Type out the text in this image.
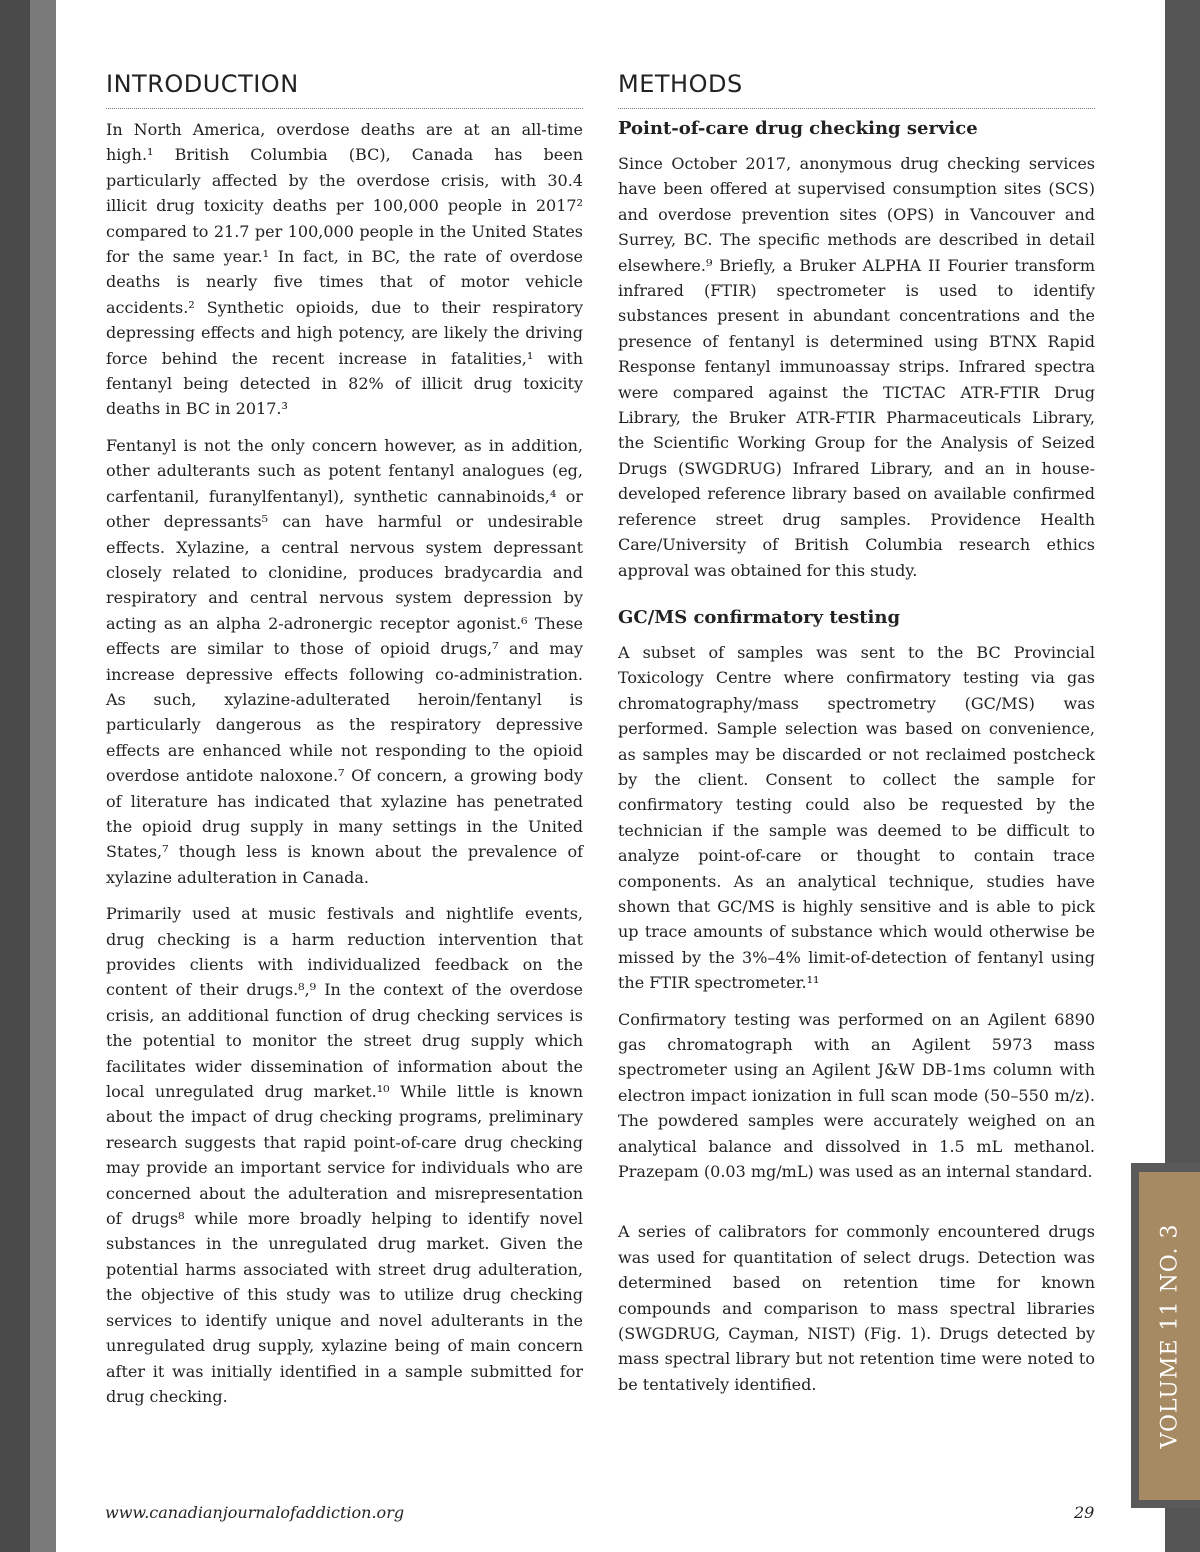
INTRODUCTION

In North America, overdose deaths are at an all-time high.¹ British Columbia (BC), Canada has been particularly affected by the overdose crisis, with 30.4 illicit drug toxicity deaths per 100,000 people in 2017² compared to 21.7 per 100,000 people in the United States for the same year.¹ In fact, in BC, the rate of overdose deaths is nearly five times that of motor vehicle accidents.² Synthetic opioids, due to their respiratory depressing effects and high potency, are likely the driving force behind the recent increase in fatalities,¹ with fentanyl being detected in 82% of illicit drug toxicity deaths in BC in 2017.³

Fentanyl is not the only concern however, as in addition, other adulterants such as potent fentanyl analogues (eg, carfentanil, furanylfentanyl), synthetic cannabinoids,⁴ or other depressants⁵ can have harmful or undesirable effects. Xylazine, a central nervous system depressant closely related to clonidine, produces bradycardia and respiratory and central nervous system depression by acting as an alpha 2-adronergic receptor agonist.⁶ These effects are similar to those of opioid drugs,⁷ and may increase depressive effects following co-administration. As such, xylazine-adulterated heroin/fentanyl is particularly dangerous as the respiratory depressive effects are enhanced while not responding to the opioid overdose antidote naloxone.⁷ Of concern, a growing body of literature has indicated that xylazine has penetrated the opioid drug supply in many settings in the United States,⁷ though less is known about the prevalence of xylazine adulteration in Canada.

Primarily used at music festivals and nightlife events, drug checking is a harm reduction intervention that provides clients with individualized feedback on the content of their drugs.⁸,⁹ In the context of the overdose crisis, an additional function of drug checking services is the potential to monitor the street drug supply which facilitates wider dissemination of information about the local unregulated drug market.¹⁰ While little is known about the impact of drug checking programs, preliminary research suggests that rapid point-of-care drug checking may provide an important service for individuals who are concerned about the adulteration and misrepresentation of drugs⁸ while more broadly helping to identify novel substances in the unregulated drug market. Given the potential harms associated with street drug adulteration, the objective of this study was to utilize drug checking services to identify unique and novel adulterants in the unregulated drug supply, xylazine being of main concern after it was initially identified in a sample submitted for drug checking.

METHODS
Point-of-care drug checking service

Since October 2017, anonymous drug checking services have been offered at supervised consumption sites (SCS) and overdose prevention sites (OPS) in Vancouver and Surrey, BC. The specific methods are described in detail elsewhere.⁹ Briefly, a Bruker ALPHA II Fourier transform infrared (FTIR) spectrometer is used to identify substances present in abundant concentrations and the presence of fentanyl is determined using BTNX Rapid Response fentanyl immunoassay strips. Infrared spectra were compared against the TICTAC ATR-FTIR Drug Library, the Bruker ATR-FTIR Pharmaceuticals Library, the Scientific Working Group for the Analysis of Seized Drugs (SWGDRUG) Infrared Library, and an in house-developed reference library based on available confirmed reference street drug samples. Providence Health Care/University of British Columbia research ethics approval was obtained for this study.

GC/MS confirmatory testing

A subset of samples was sent to the BC Provincial Toxicology Centre where confirmatory testing via gas chromatography/mass spectrometry (GC/MS) was performed. Sample selection was based on convenience, as samples may be discarded or not reclaimed postcheck by the client. Consent to collect the sample for confirmatory testing could also be requested by the technician if the sample was deemed to be difficult to analyze point-of-care or thought to contain trace components. As an analytical technique, studies have shown that GC/MS is highly sensitive and is able to pick up trace amounts of substance which would otherwise be missed by the 3%–4% limit-of-detection of fentanyl using the FTIR spectrometer.¹¹

Confirmatory testing was performed on an Agilent 6890 gas chromatograph with an Agilent 5973 mass spectrometer using an Agilent J&W DB-1ms column with electron impact ionization in full scan mode (50–550 m/z). The powdered samples were accurately weighed on an analytical balance and dissolved in 1.5 mL methanol. Prazepam (0.03 mg/mL) was used as an internal standard.

A series of calibrators for commonly encountered drugs was used for quantitation of select drugs. Detection was determined based on retention time for known compounds and comparison to mass spectral libraries (SWGDRUG, Cayman, NIST) (Fig. 1). Drugs detected by mass spectral library but not retention time were noted to be tentatively identified.

www.canadianjournalofaddiction.org	29
VOLUME 11 NO. 3
